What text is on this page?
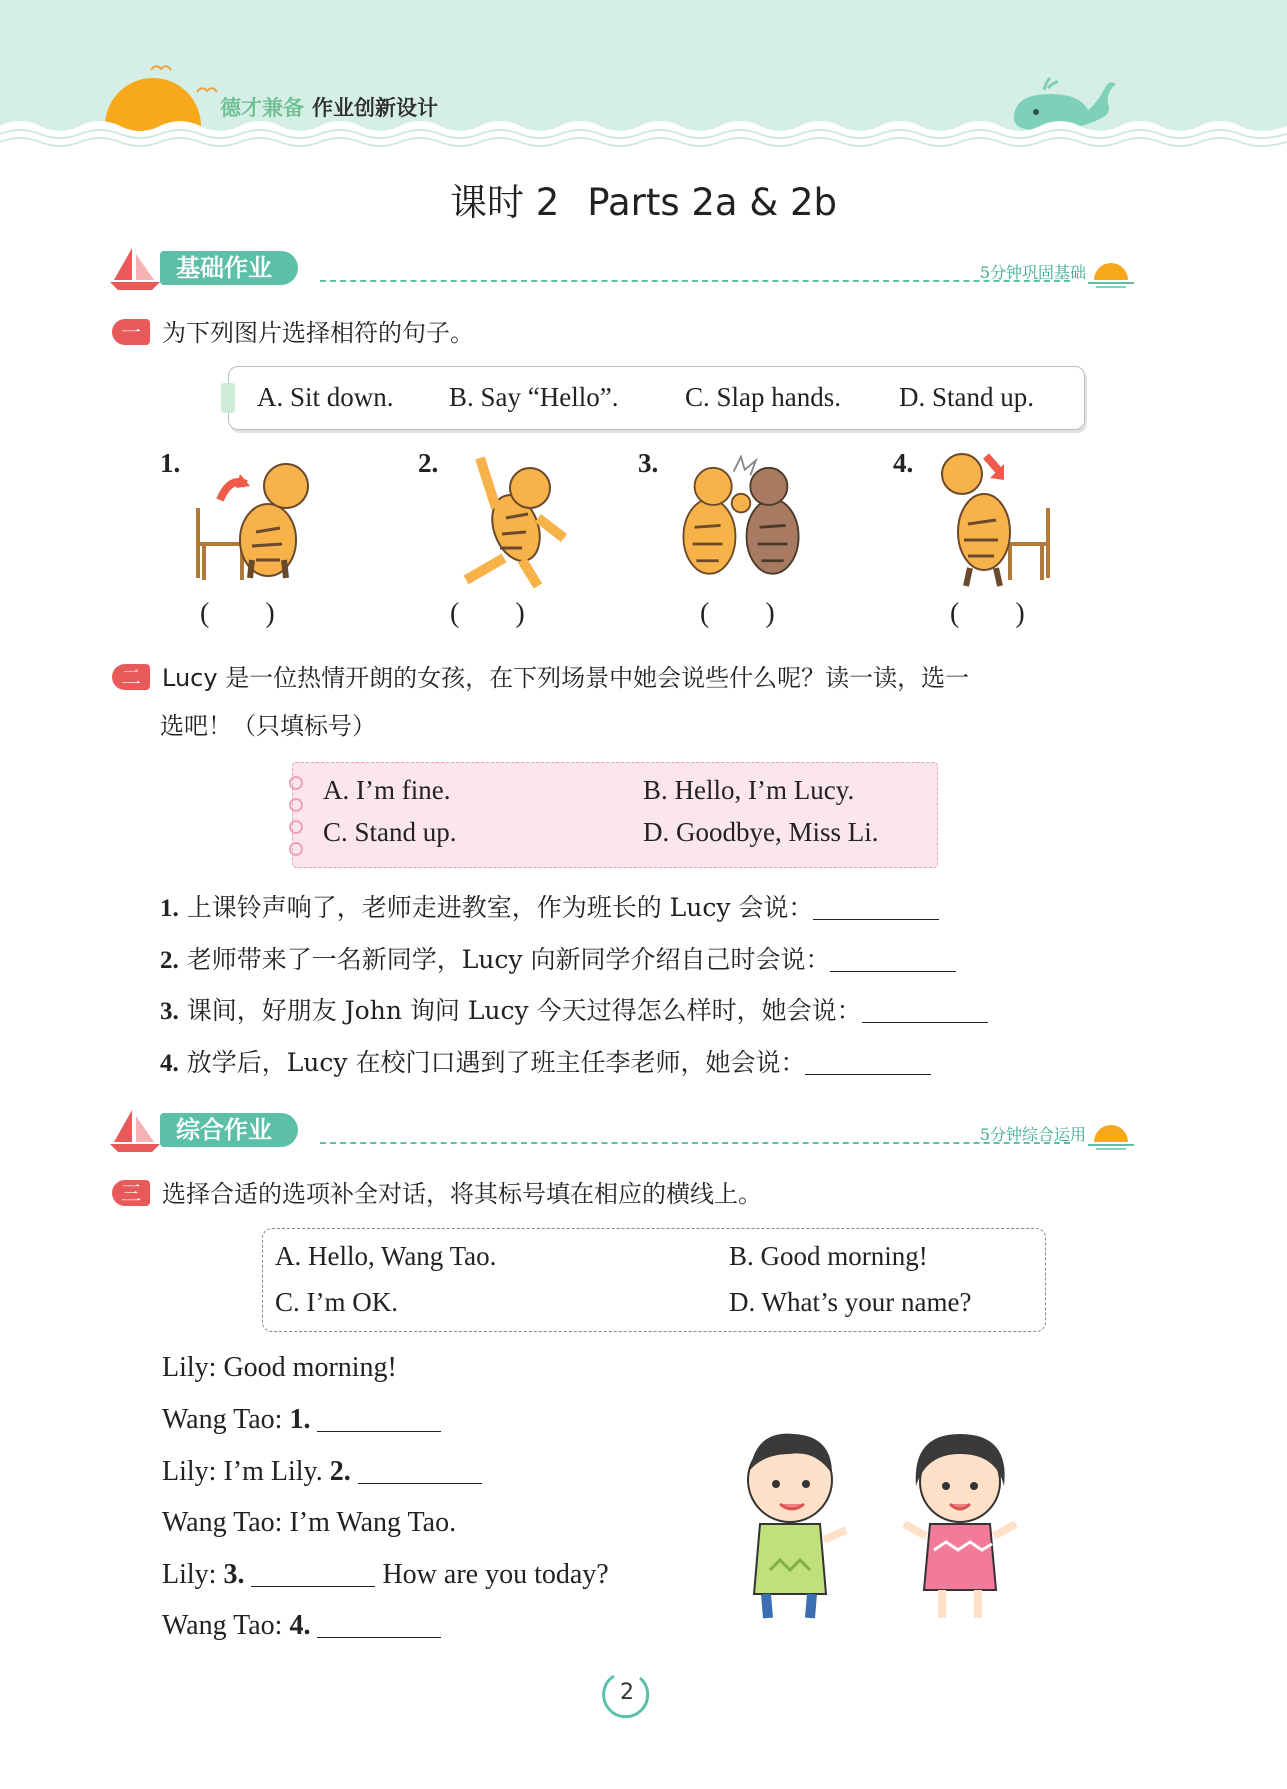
德才兼备 作业创新设计
课时 2 Parts 2a & 2b
基础作业	5分钟巩固基础
一 为下列图片选择相符的句子。
A. Sit down. B. Say “Hello”. C. Slap hands. D. Stand up.
1.	2.	3.	4.
(        )	(        )	(        )	(        )
二 Lucy 是一位热情开朗的女孩，在下列场景中她会说些什么呢？读一读，选一
选吧！（只填标号）
A. I’m fine.	B. Hello, I’m Lucy.
C. Stand up.	D. Goodbye, Miss Li.
1. 上课铃声响了，老师走进教室，作为班长的 Lucy 会说：
2. 老师带来了一名新同学，Lucy 向新同学介绍自己时会说：
3. 课间，好朋友 John 询问 Lucy 今天过得怎么样时，她会说：
4. 放学后，Lucy 在校门口遇到了班主任李老师，她会说：
综合作业	5分钟综合运用
三 选择合适的选项补全对话，将其标号填在相应的横线上。
A. Hello, Wang Tao.	B. Good morning!
C. I’m OK.	D. What’s your name?
Lily: Good morning!
Wang Tao: 1.
Lily: I’m Lily. 2.
Wang Tao: I’m Wang Tao.
Lily: 3.	How are you today?
Wang Tao: 4.
2
